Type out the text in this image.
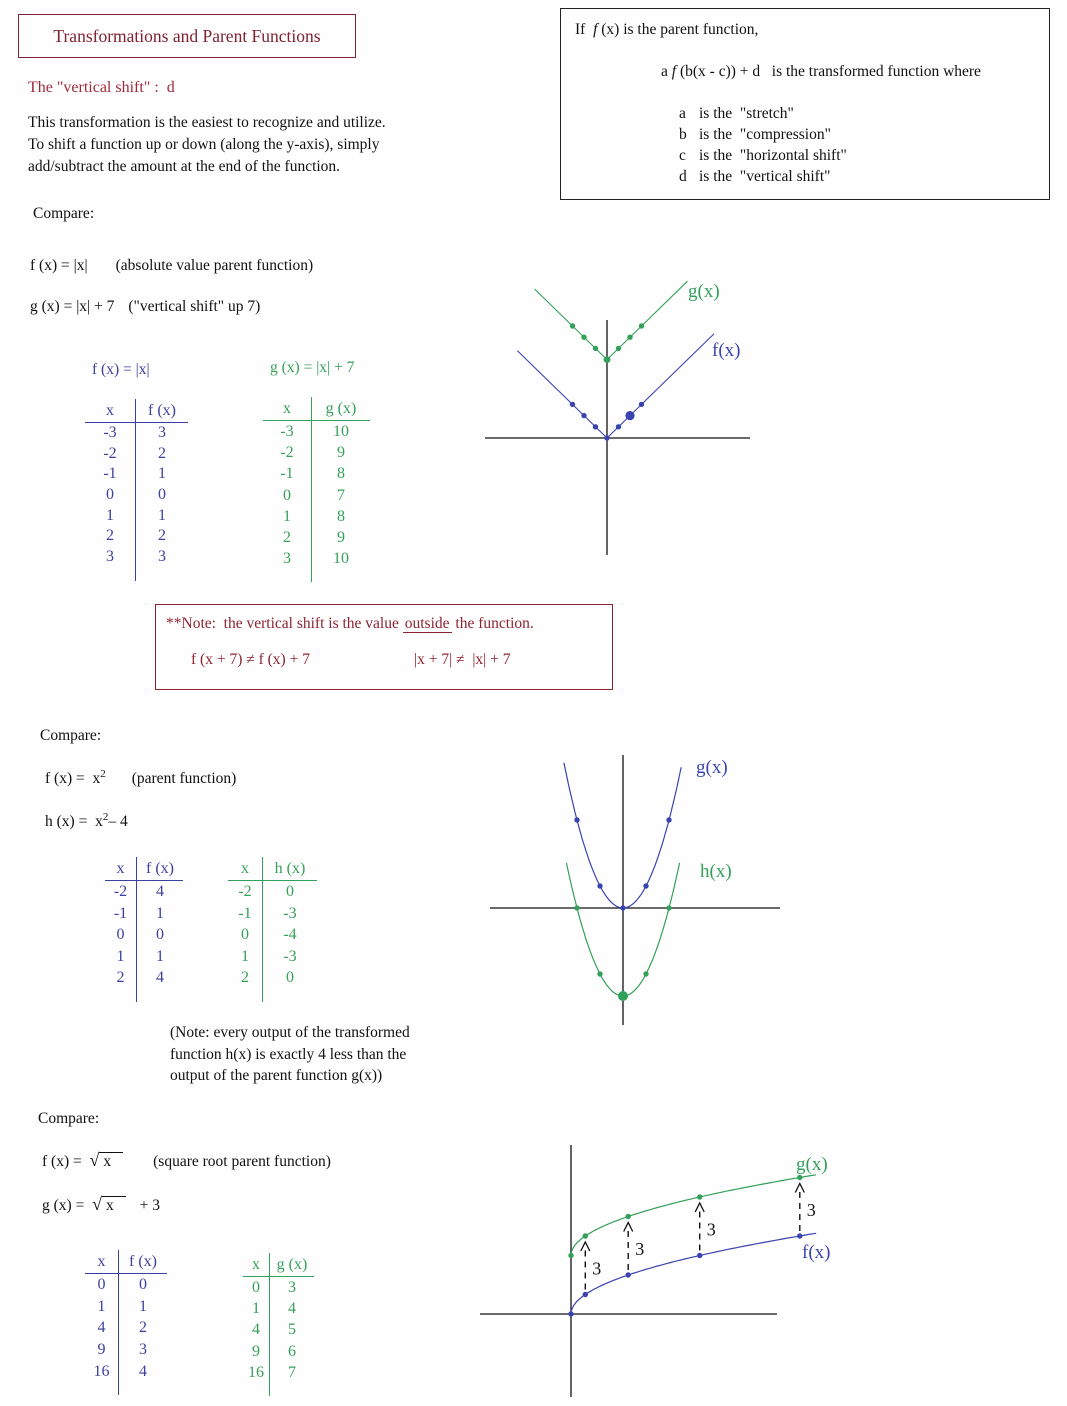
Transformations and Parent Functions	If  f (x) is the parent function,
a f (b(x - c)) + d   is the transformed function where
a is the  "stretch"
b is the  "compression"
c is the  "horizontal shift"
d is the  "vertical shift"
The "vertical shift" :  d
This transformation is the easiest to recognize and utilize.
To shift a function up or down (along the y-axis), simply
add/subtract the amount at the end of the function.
Compare:
f (x) = |x| (absolute value parent function)
g (x) = |x| + 7 ("vertical shift" up 7)
f (x) = |x|	g (x) = |x| + 7
x	f (x)
-3	3
-2	2
-1	1
0	0
1	1
2	2
3	3
x	g (x)
-3	10
-2	9
-1	8
0	7
1	8
2	9
3	10
g(x)
f(x)
**Note:  the vertical shift is the value outside the function.
f (x + 7) ≠ f (x) + 7	|x + 7| ≠  |x| + 7
Compare:
f $(x) = x^2$ (parent function)
h $(x) = x^2-$ 4
x	f (x)
-2	4
-1	1
0	0
1	1
2	4
x	h (x)
-2	0
-1	-3
0	-4
1	-3
2	0
g(x)
h(x)
(Note: every output of the transformed
function h(x) is exactly 4 less than the
output of the parent function g(x))
Compare:
f (x) =  √ x	(square root parent function)
g (x) =  √ x + 3
x	f (x)
0	0
1	1
4	2
9	3
16	4
x	g (x)
0	3
1	4
4	5
9	6
16	7
3
3
3
3
g(x)
f(x)
